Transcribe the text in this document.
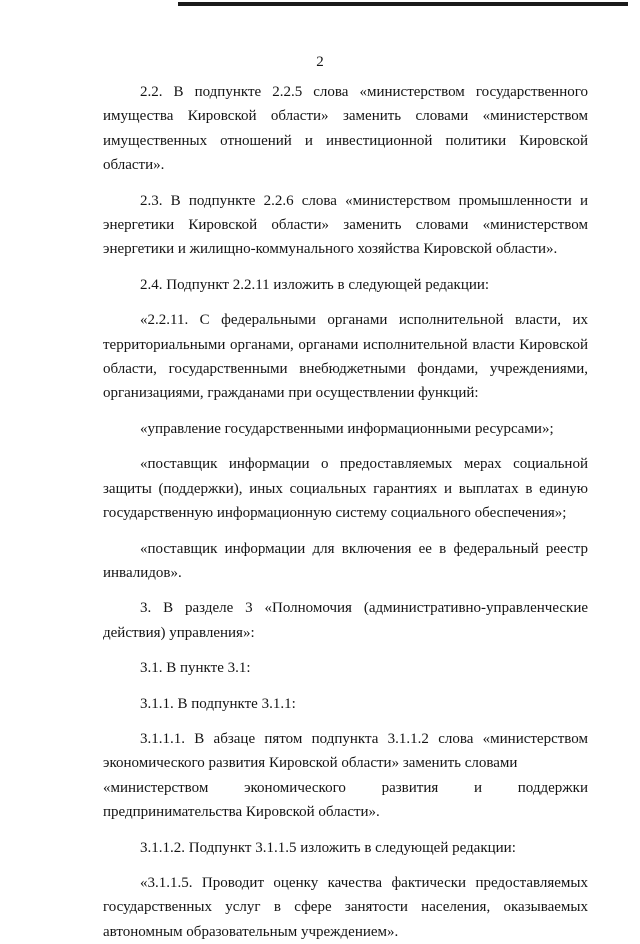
2

2.2. В подпункте 2.2.5 слова «министерством государственного имущества Кировской области» заменить словами «министерством имущественных отношений и инвестиционной политики Кировской области».

2.3. В подпункте 2.2.6 слова «министерством промышленности и энергетики Кировской области» заменить словами «министерством энергетики и жилищно-коммунального хозяйства Кировской области».

2.4. Подпункт 2.2.11 изложить в следующей редакции:

«2.2.11. С федеральными органами исполнительной власти, их территориальными органами, органами исполнительной власти Кировской области, государственными внебюджетными фондами, учреждениями, организациями, гражданами при осуществлении функций:

«управление государственными информационными ресурсами»;

«поставщик информации о предоставляемых мерах социальной защиты (поддержки), иных социальных гарантиях и выплатах в единую государственную информационную систему социального обеспечения»;

«поставщик информации для включения ее в федеральный реестр инвалидов».

3. В разделе 3 «Полномочия (административно-управленческие действия) управления»:

3.1. В пункте 3.1:

3.1.1. В подпункте 3.1.1:

3.1.1.1. В абзаце пятом подпункта 3.1.1.2 слова «министерством экономического развития Кировской области» заменить словами

«министерством экономического развития и поддержки

предпринимательства Кировской области».

3.1.1.2. Подпункт 3.1.1.5 изложить в следующей редакции:

«3.1.1.5. Проводит оценку качества фактически предоставляемых государственных услуг в сфере занятости населения, оказываемых автономным образовательным учреждением».
